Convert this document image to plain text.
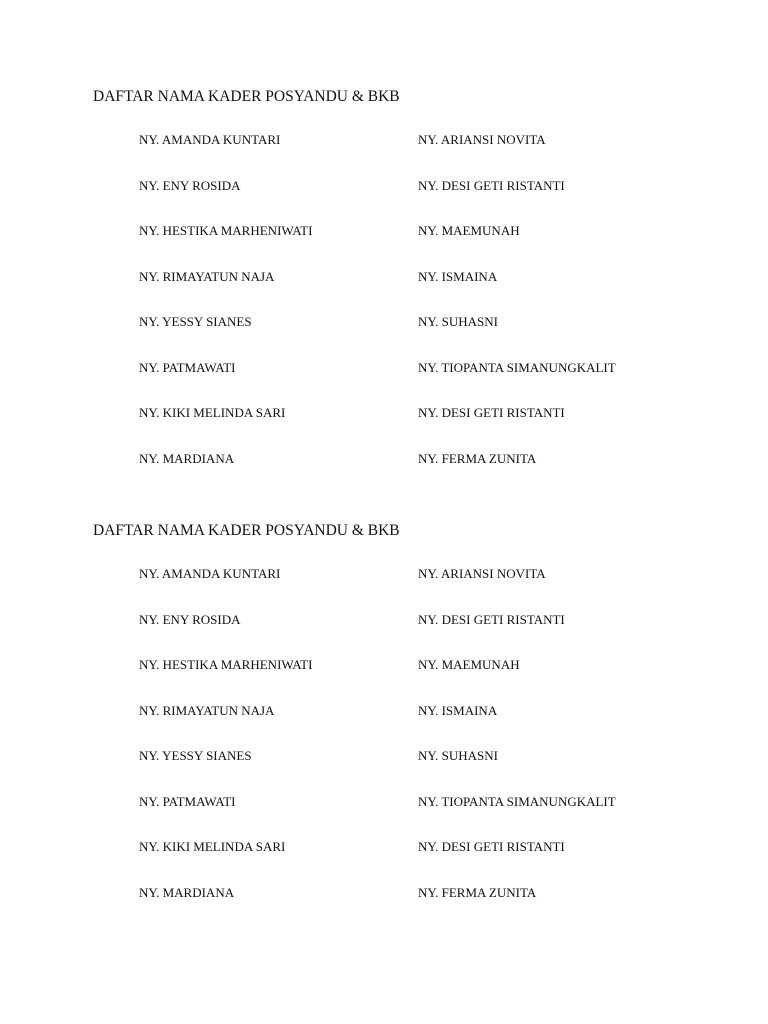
DAFTAR NAMA KADER POSYANDU & BKB
NY. AMANDA KUNTARI	NY. ARIANSI NOVITA
NY. ENY ROSIDA	NY. DESI GETI RISTANTI
NY. HESTIKA MARHENIWATI	NY. MAEMUNAH
NY. RIMAYATUN NAJA	NY. ISMAINA
NY. YESSY SIANES	NY. SUHASNI
NY. PATMAWATI	NY. TIOPANTA SIMANUNGKALIT
NY. KIKI MELINDA SARI	NY. DESI GETI RISTANTI
NY. MARDIANA	NY. FERMA ZUNITA
DAFTAR NAMA KADER POSYANDU & BKB
NY. AMANDA KUNTARI	NY. ARIANSI NOVITA
NY. ENY ROSIDA	NY. DESI GETI RISTANTI
NY. HESTIKA MARHENIWATI	NY. MAEMUNAH
NY. RIMAYATUN NAJA	NY. ISMAINA
NY. YESSY SIANES	NY. SUHASNI
NY. PATMAWATI	NY. TIOPANTA SIMANUNGKALIT
NY. KIKI MELINDA SARI	NY. DESI GETI RISTANTI
NY. MARDIANA	NY. FERMA ZUNITA
